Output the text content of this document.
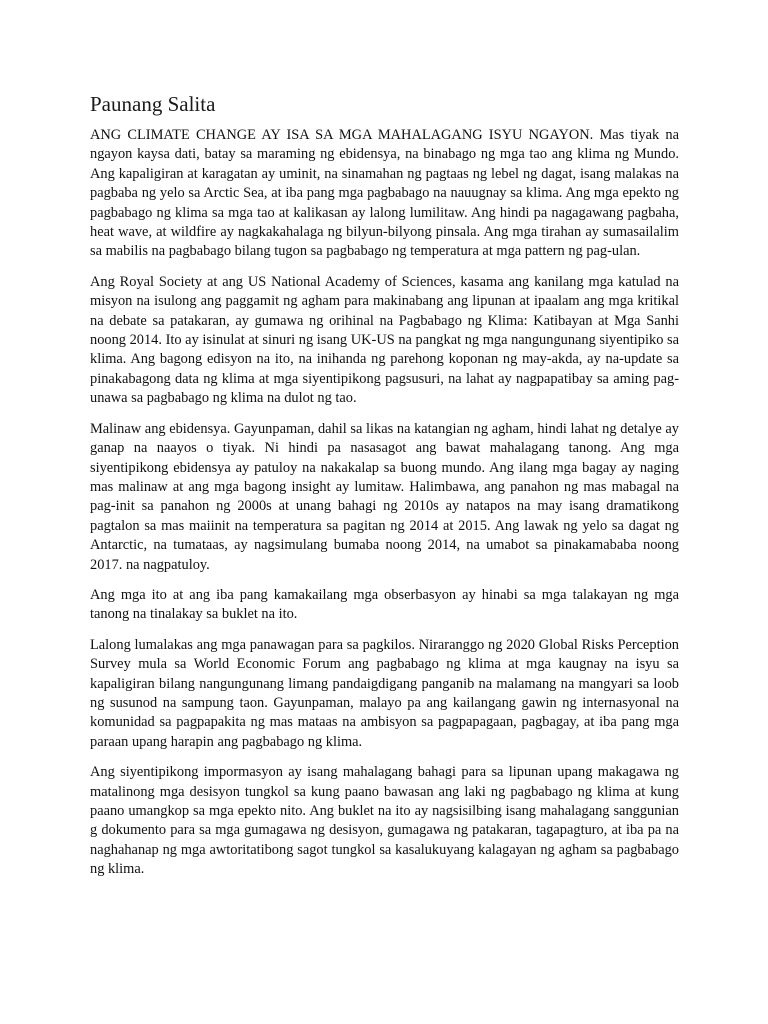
Paunang Salita

ANG CLIMATE CHANGE AY ISA SA MGA MAHALAGANG ISYU NGAYON. Mas tiyak na ngayon kaysa dati, batay sa maraming ng ebidensya, na binabago ng mga tao ang klima ng Mundo. Ang kapaligiran at karagatan ay uminit, na sinamahan ng pagtaas ng lebel ng dagat, isang malakas na pagbaba ng yelo sa Arctic Sea, at iba pang mga pagbabago na nauugnay sa klima. Ang mga epekto ng pagbabago ng klima sa mga tao at kalikasan ay lalong lumilitaw. Ang hindi pa nagagawang pagbaha, heat wave, at wildfire ay nagkakahalaga ng bilyun-bilyong pinsala. Ang mga tirahan ay sumasailalim sa mabilis na pagbabago bilang tugon sa pagbabago ng temperatura at mga pattern ng pag-ulan.

Ang Royal Society at ang US National Academy of Sciences, kasama ang kanilang mga katulad na misyon na isulong ang paggamit ng agham para makinabang ang lipunan at ipaalam ang mga kritikal na debate sa patakaran, ay gumawa ng orihinal na Pagbabago ng Klima: Katibayan at Mga Sanhi noong 2014. Ito ay isinulat at sinuri ng isang UK-US na pangkat ng mga nangungunang siyentipiko sa klima. Ang bagong edisyon na ito, na inihanda ng parehong koponan ng may-akda, ay na-update sa pinakabagong data ng klima at mga siyentipikong pagsusuri, na lahat ay nagpapatibay sa aming pag-unawa sa pagbabago ng klima na dulot ng tao.

Malinaw ang ebidensya. Gayunpaman, dahil sa likas na katangian ng agham, hindi lahat ng detalye ay ganap na naayos o tiyak. Ni hindi pa nasasagot ang bawat mahalagang tanong. Ang mga siyentipikong ebidensya ay patuloy na nakakalap sa buong mundo. Ang ilang mga bagay ay naging mas malinaw at ang mga bagong insight ay lumitaw. Halimbawa, ang panahon ng mas mabagal na pag-init sa panahon ng 2000s at unang bahagi ng 2010s ay natapos na may isang dramatikong pagtalon sa mas maiinit na temperatura sa pagitan ng 2014 at 2015. Ang lawak ng yelo sa dagat ng Antarctic, na tumataas, ay nagsimulang bumaba noong 2014, na umabot sa pinakamababa noong 2017. na nagpatuloy.

Ang mga ito at ang iba pang kamakailang mga obserbasyon ay hinabi sa mga talakayan ng mga tanong na tinalakay sa buklet na ito.

Lalong lumalakas ang mga panawagan para sa pagkilos. Niraranggo ng 2020 Global Risks Perception Survey mula sa World Economic Forum ang pagbabago ng klima at mga kaugnay na isyu sa kapaligiran bilang nangungunang limang pandaigdigang panganib na malamang na mangyari sa loob ng susunod na sampung taon. Gayunpaman, malayo pa ang kailangang gawin ng internasyonal na komunidad sa pagpapakita ng mas mataas na ambisyon sa pagpapagaan, pagbagay, at iba pang mga paraan upang harapin ang pagbabago ng klima.

Ang siyentipikong impormasyon ay isang mahalagang bahagi para sa lipunan upang makagawa ng matalinong mga desisyon tungkol sa kung paano bawasan ang laki ng pagbabago ng klima at kung paano umangkop sa mga epekto nito. Ang buklet na ito ay nagsisilbing isang mahalagang sanggunian g dokumento para sa mga gumagawa ng desisyon, gumagawa ng patakaran, tagapagturo, at iba pa na naghahanap ng mga awtoritatibong sagot tungkol sa kasalukuyang kalagayan ng agham sa pagbabago ng klima.
